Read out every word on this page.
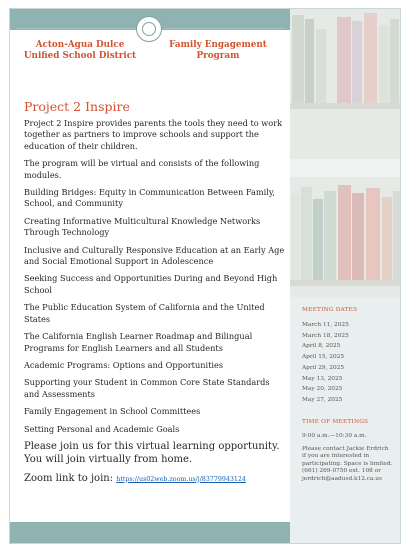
Acton-Agua Dulce
Unified School District
Family Engagement
Program
Project 2 Inspire

Project 2 Inspire provides parents the tools they need to work together as partners to improve schools and support the education of their children.

The program will be virtual and consists of the following modules.

Building Bridges: Equity in Communication Between Family, School, and Community

Creating Informative Multicultural Knowledge Networks Through Technology

Inclusive and Culturally Responsive Education at an Early Age and Social Emotional Support in Adolescence

Seeking Success and Opportunities During and Beyond High School

The Public Education System of California and the United States

The California English Learner Roadmap and Bilingual Programs for English Learners and all Students

Academic Programs: Options and Opportunities

Supporting your Student in Common Core State Standards and Assessments

Family Engagement in School Committees

Setting Personal and Academic Goals

Please join us for this virtual learning opportunity. You will join virtually from home.

Zoom link to join: https://us02web.zoom.us/j/83779943124
MEETING DATES
March 11, 2025
March 18, 2025
April 8, 2025
April 15, 2025
April 29, 2025
May 13, 2025
May 20, 2025
May 27, 2025
TIME OF MEETINGS
9:00 a.m.—10:30 a.m.
Please contact Jackie Erdrich if you are interested in participating. Space is limited. (661) 269-0750 ext. 108 or jerdrich@aadusd.k12.ca.us
